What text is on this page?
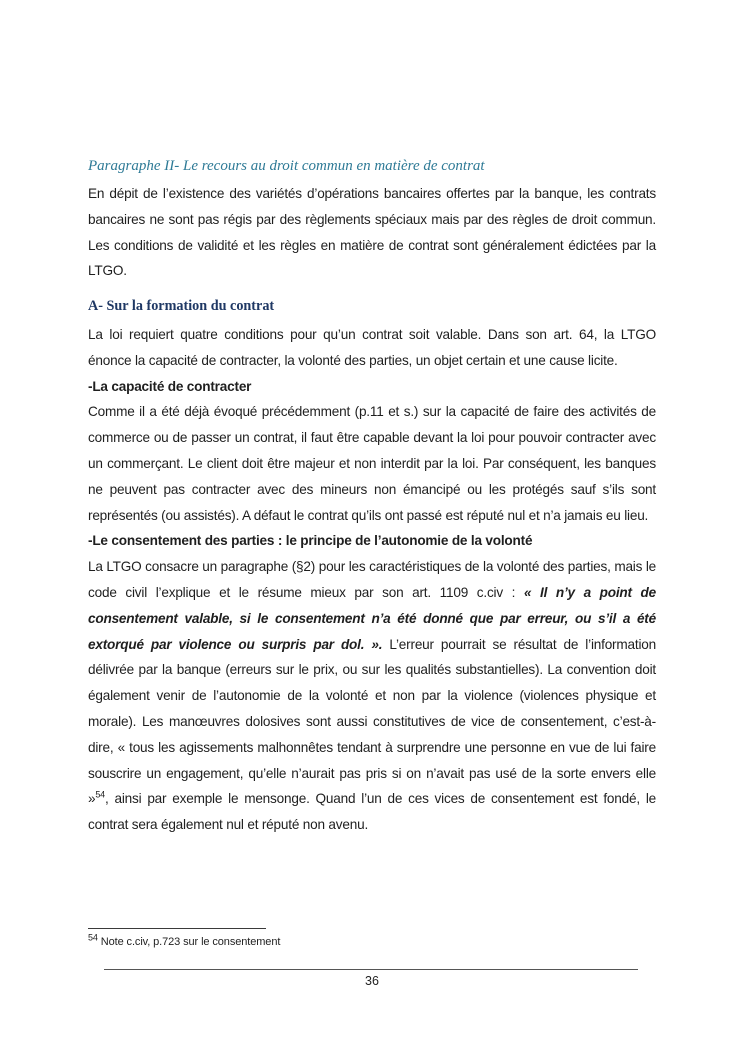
Paragraphe II- Le recours au droit commun en matière de contrat

En dépit de l’existence des variétés d’opérations bancaires offertes par la banque, les contrats bancaires ne sont pas régis par des règlements spéciaux mais par des règles de droit commun. Les conditions de validité et les règles en matière de contrat sont généralement édictées par la LTGO.

A- Sur la formation du contrat

La loi requiert quatre conditions pour qu’un contrat soit valable. Dans son art. 64, la LTGO énonce la capacité de contracter, la volonté des parties, un objet certain et une cause licite.

-La capacité de contracter

Comme il a été déjà évoqué précédemment (p.11 et s.) sur la capacité de faire des activités de commerce ou de passer un contrat, il faut être capable devant la loi pour pouvoir contracter avec un commerçant. Le client doit être majeur et non interdit par la loi. Par conséquent, les banques ne peuvent pas contracter avec des mineurs non émancipé ou les protégés sauf s’ils sont représentés (ou assistés). A défaut le contrat qu’ils ont passé est réputé nul et n’a jamais eu lieu.

-Le consentement des parties : le principe de l’autonomie de la volonté

La LTGO consacre un paragraphe (§2) pour les caractéristiques de la volonté des parties, mais le code civil l’explique et le résume mieux par son art. 1109 c.civ : « Il n’y a point de consentement valable, si le consentement n’a été donné que par erreur, ou s’il a été extorqué par violence ou surpris par dol. ». L’erreur pourrait se résultat de l’information délivrée par la banque (erreurs sur le prix, ou sur les qualités substantielles). La convention doit également venir de l’autonomie de la volonté et non par la violence (violences physique et morale). Les manœuvres dolosives sont aussi constitutives de vice de consentement, c’est-à-dire, « tous les agissements malhonnêtes tendant à surprendre une personne en vue de lui faire souscrire un engagement, qu’elle n’aurait pas pris si on n’avait pas usé de la sorte envers elle »$^{54}$, ainsi par exemple le mensonge. Quand l’un de ces vices de consentement est fondé, le contrat sera également nul et réputé non avenu.

$^{54}$ Note c.civ, p.723 sur le consentement

36
